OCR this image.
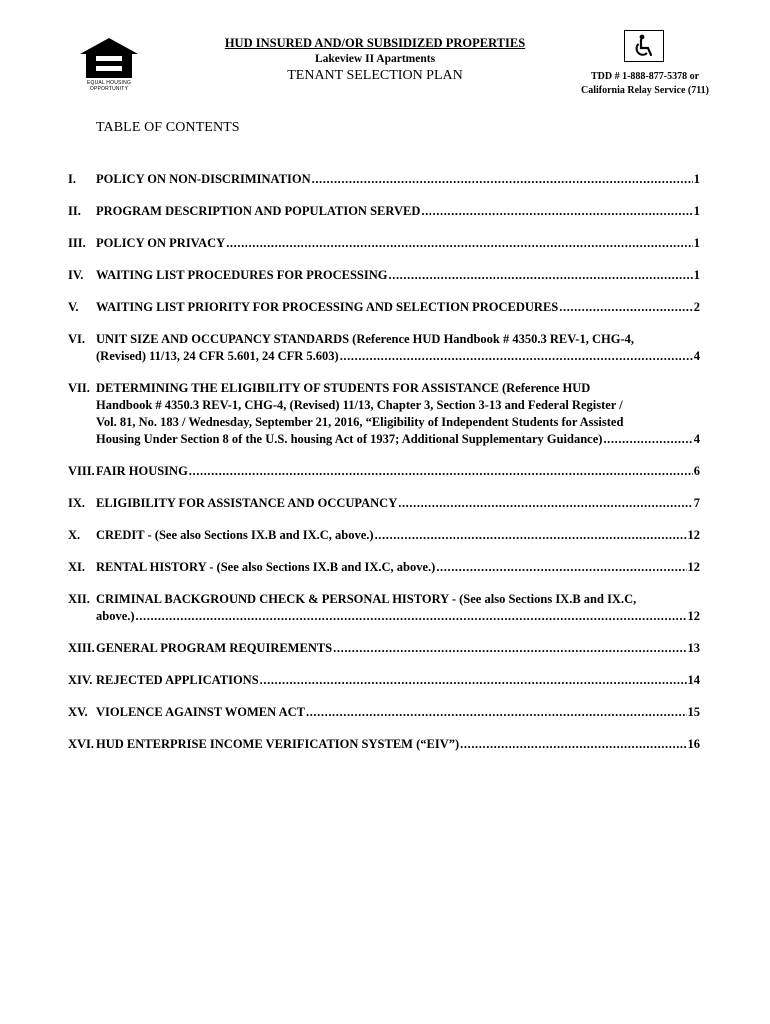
EQUAL HOUSING
OPPORTUNITY
HUD INSURED AND/OR SUBSIDIZED PROPERTIES
Lakeview II Apartments
TENANT SELECTION PLAN	TDD # 1-888-877-5378 or
California Relay Service (711)
TABLE OF CONTENTS
I. POLICY ON NON-DISCRIMINATION .....	1
II. PROGRAM DESCRIPTION AND POPULATION SERVED .....	1
III. POLICY ON PRIVACY .....	1
IV. WAITING LIST PROCEDURES FOR PROCESSING .....	1
V. WAITING LIST PRIORITY FOR PROCESSING AND SELECTION PROCEDURES .....	2
VI. UNIT SIZE AND OCCUPANCY STANDARDS (Reference HUD Handbook # 4350.3 REV-1, CHG-4,
(Revised) 11/13, 24 CFR 5.601, 24 CFR 5.603) .....	4
VII. DETERMINING THE ELIGIBILITY OF STUDENTS FOR ASSISTANCE (Reference HUD
Handbook # 4350.3 REV-1, CHG-4, (Revised) 11/13, Chapter 3, Section 3-13 and Federal Register /
Vol. 81, No. 183 / Wednesday, September 21, 2016, “Eligibility of Independent Students for Assisted
Housing Under Section 8 of the U.S. housing Act of 1937; Additional Supplementary Guidance) .....	4
VIII. FAIR HOUSING .....	6
IX. ELIGIBILITY FOR ASSISTANCE AND OCCUPANCY .....	7
X. CREDIT - (See also Sections IX.B and IX.C, above.) .....	12
XI. RENTAL HISTORY - (See also Sections IX.B and IX.C, above.) .....	12
XII. CRIMINAL BACKGROUND CHECK & PERSONAL HISTORY - (See also Sections IX.B and IX.C,
above.) .....	12
XIII. GENERAL PROGRAM REQUIREMENTS .....	13
XIV. REJECTED APPLICATIONS .....	14
XV. VIOLENCE AGAINST WOMEN ACT .....	15
XVI. HUD ENTERPRISE INCOME VERIFICATION SYSTEM (“EIV”) .....	16
